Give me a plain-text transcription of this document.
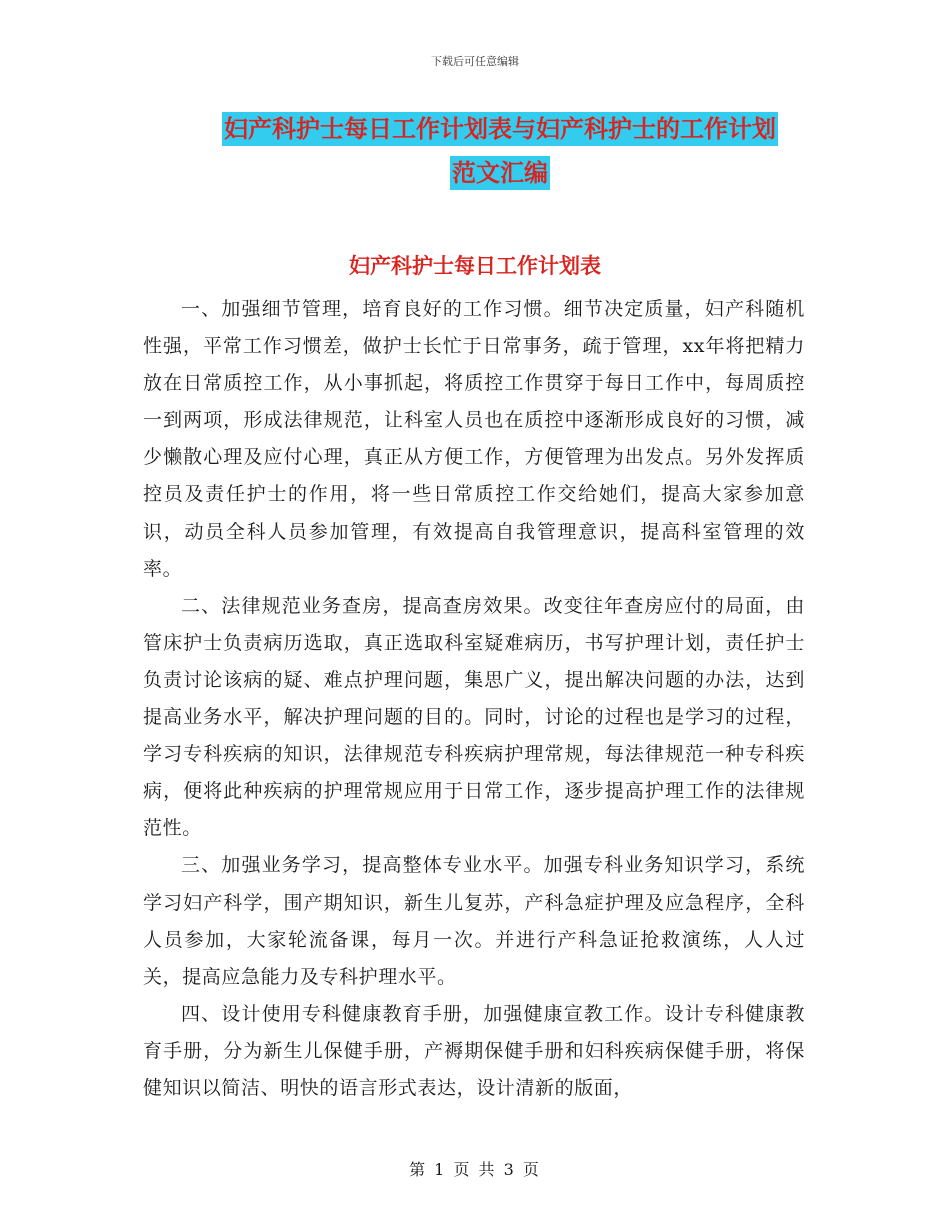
下载后可任意编辑
妇产科护士每日工作计划表与妇产科护士的工作计划
范文汇编
妇产科护士每日工作计划表

一、加强细节管理，培育良好的工作习惯。细节决定质量，妇产科随机性强，平常工作习惯差，做护士长忙于日常事务，疏于管理，xx年将把精力放在日常质控工作，从小事抓起，将质控工作贯穿于每日工作中，每周质控一到两项，形成法律规范，让科室人员也在质控中逐渐形成良好的习惯，减少懒散心理及应付心理，真正从方便工作，方便管理为出发点。另外发挥质控员及责任护士的作用，将一些日常质控工作交给她们，提高大家参加意识，动员全科人员参加管理，有效提高自我管理意识，提高科室管理的效率。

二、法律规范业务查房，提高查房效果。改变往年查房应付的局面，由管床护士负责病历选取，真正选取科室疑难病历，书写护理计划，责任护士负责讨论该病的疑、难点护理问题，集思广义，提出解决问题的办法，达到提高业务水平，解决护理问题的目的。同时，讨论的过程也是学习的过程，学习专科疾病的知识，法律规范专科疾病护理常规，每法律规范一种专科疾病，便将此种疾病的护理常规应用于日常工作，逐步提高护理工作的法律规范性。

三、加强业务学习，提高整体专业水平。加强专科业务知识学习，系统学习妇产科学，围产期知识，新生儿复苏，产科急症护理及应急程序，全科人员参加，大家轮流备课，每月一次。并进行产科急证抢救演练，人人过关，提高应急能力及专科护理水平。

四、设计使用专科健康教育手册，加强健康宣教工作。设计专科健康教育手册，分为新生儿保健手册，产褥期保健手册和妇科疾病保健手册，将保健知识以简洁、明快的语言形式表达，设计清新的版面，

第 1 页 共 3 页
